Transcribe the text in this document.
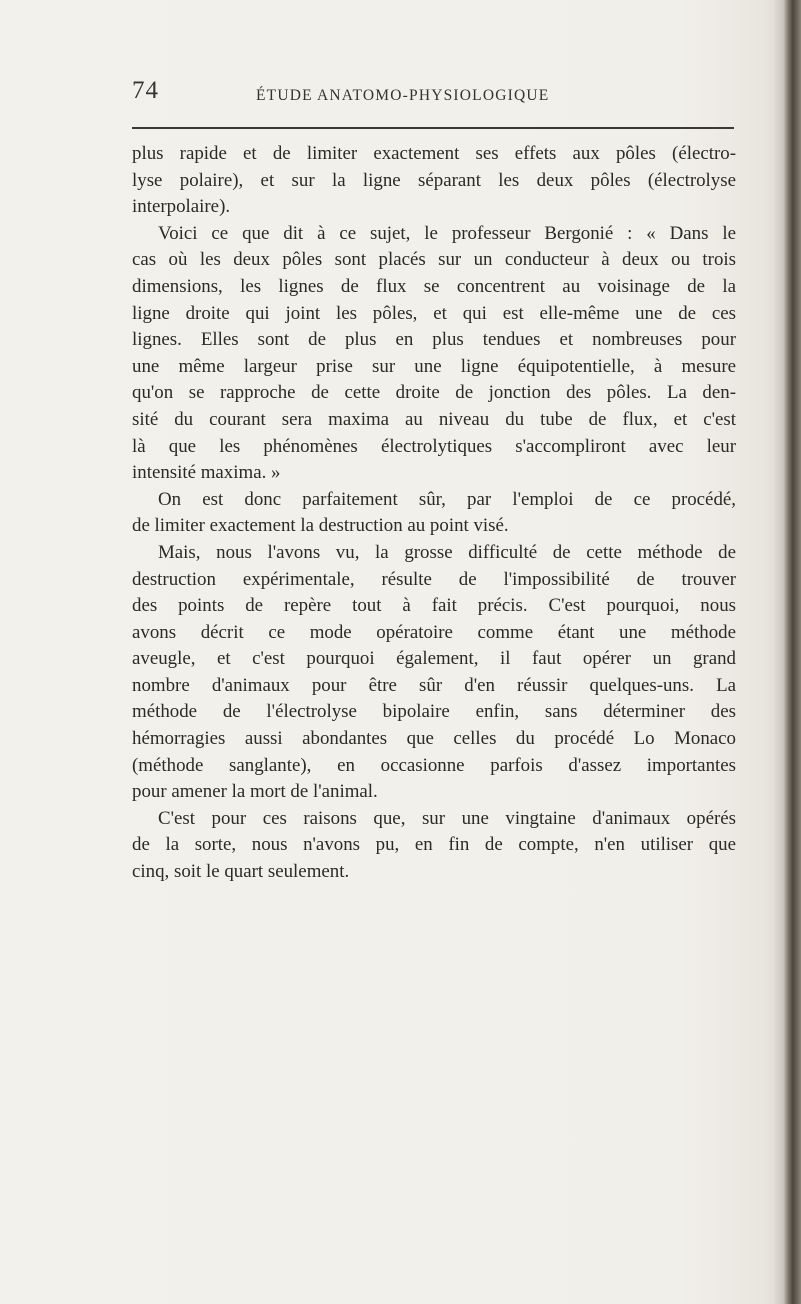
74	ÉTUDE ANATOMO-PHYSIOLOGIQUE
plus rapide et de limiter exactement ses effets aux pôles (électro-
lyse polaire), et sur la ligne séparant les deux pôles (électrolyse
interpolaire).
Voici ce que dit à ce sujet, le professeur Bergonié : « Dans le
cas où les deux pôles sont placés sur un conducteur à deux ou trois
dimensions, les lignes de flux se concentrent au voisinage de la
ligne droite qui joint les pôles, et qui est elle-même une de ces
lignes. Elles sont de plus en plus tendues et nombreuses pour
une même largeur prise sur une ligne équipotentielle, à mesure
qu'on se rapproche de cette droite de jonction des pôles. La den-
sité du courant sera maxima au niveau du tube de flux, et c'est
là que les phénomènes électrolytiques s'accompliront avec leur
intensité maxima. »
On est donc parfaitement sûr, par l'emploi de ce procédé,
de limiter exactement la destruction au point visé.
Mais, nous l'avons vu, la grosse difficulté de cette méthode de
destruction expérimentale, résulte de l'impossibilité de trouver
des points de repère tout à fait précis. C'est pourquoi, nous
avons décrit ce mode opératoire comme étant une méthode
aveugle, et c'est pourquoi également, il faut opérer un grand
nombre d'animaux pour être sûr d'en réussir quelques-uns. La
méthode de l'électrolyse bipolaire enfin, sans déterminer des
hémorragies aussi abondantes que celles du procédé Lo Monaco
(méthode sanglante), en occasionne parfois d'assez importantes
pour amener la mort de l'animal.
C'est pour ces raisons que, sur une vingtaine d'animaux opérés
de la sorte, nous n'avons pu, en fin de compte, n'en utiliser que
cinq, soit le quart seulement.
